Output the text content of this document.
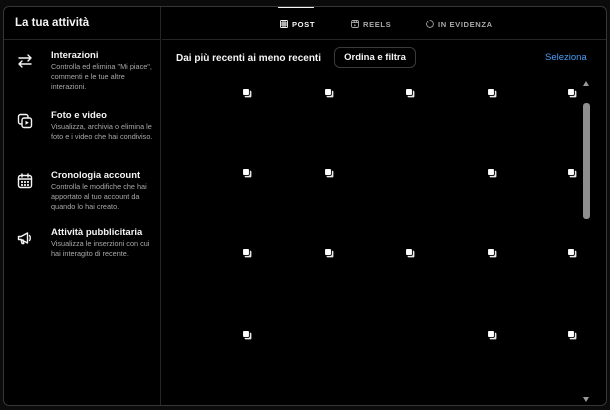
La tua attività
Interazioni
Controlla ed elimina "Mi piace", commenti e le tue altre interazioni.
Foto e video
Visualizza, archivia o elimina le foto e i video che hai condiviso.
Cronologia account
Controlla le modifiche che hai apportato al tuo account da quando lo hai creato.
Attività pubblicitaria
Visualizza le inserzioni con cui hai interagito di recente.
POST	REELS	IN EVIDENZA
Dai più recenti ai meno recenti	Ordina e filtra	Seleziona
